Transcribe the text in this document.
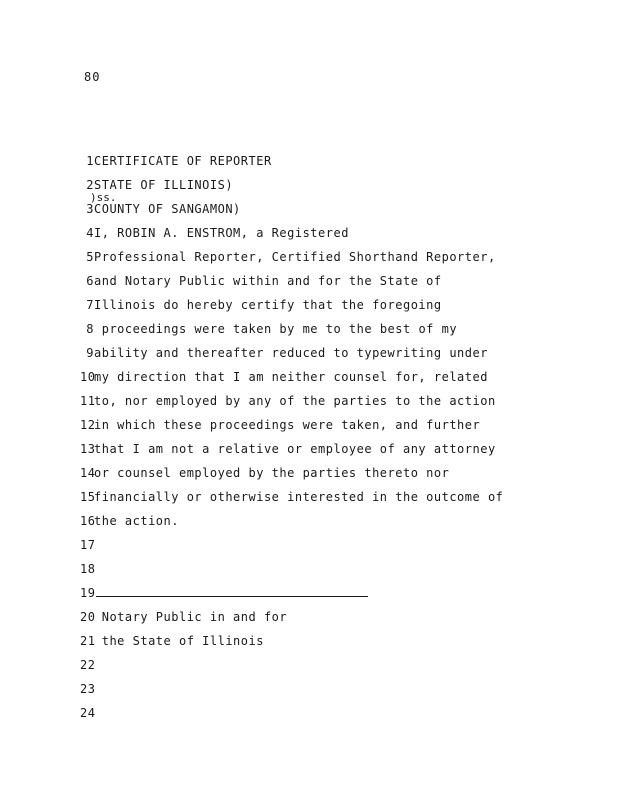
80
1CERTIFICATE OF REPORTER
2STATE OF ILLINOIS)
)ss.
3COUNTY OF SANGAMON)
4I, ROBIN A. ENSTROM, a Registered
5Professional Reporter, Certified Shorthand Reporter,
6and Notary Public within and for the State of
7Illinois do hereby certify that the foregoing
8 proceedings were taken by me to the best of my
9ability and thereafter reduced to typewriting under
10my direction that I am neither counsel for, related
11to, nor employed by any of the parties to the action
12in which these proceedings were taken, and further
13that I am not a relative or employee of any attorney
14or counsel employed by the parties thereto nor
15financially or otherwise interested in the outcome of
16the action.
17
18
19
20 Notary Public in and for
21 the State of Illinois
22
23
24
